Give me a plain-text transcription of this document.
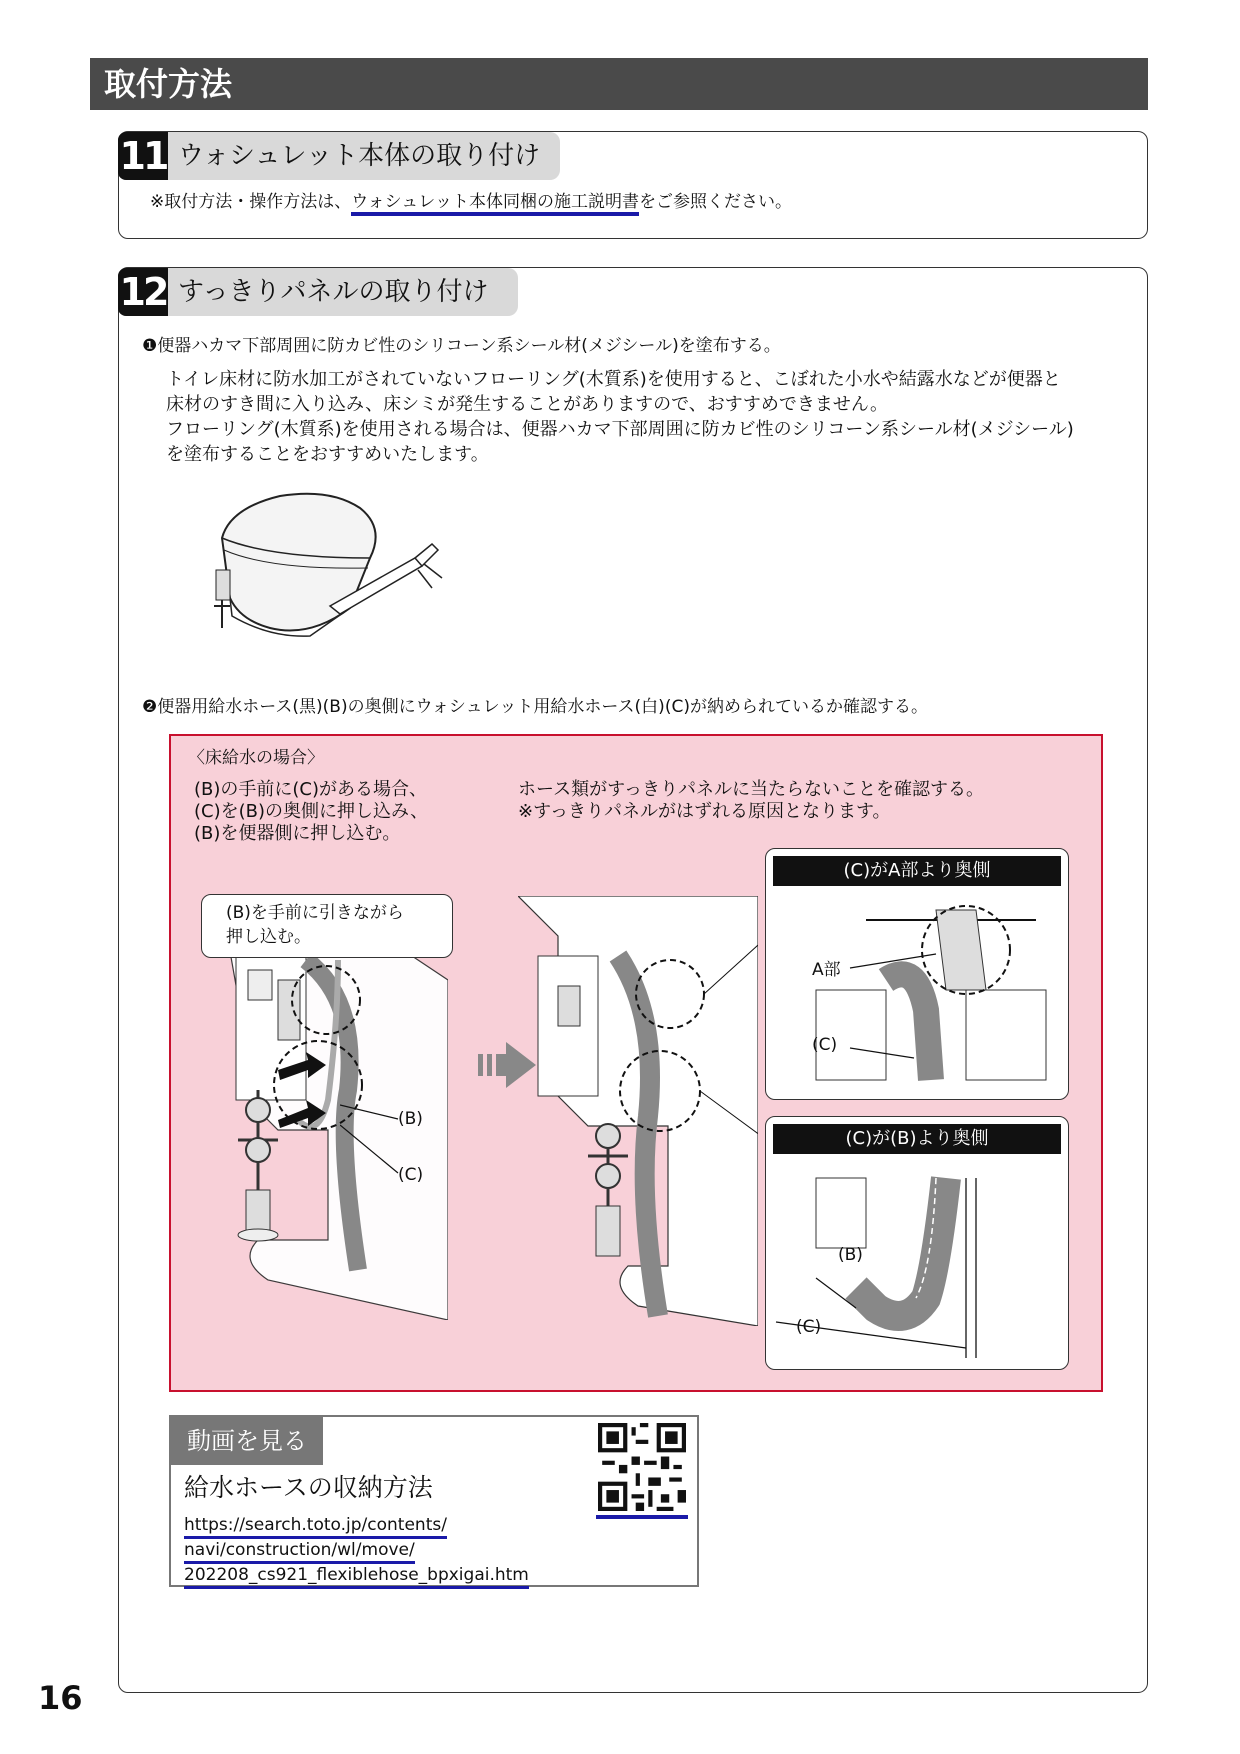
取付方法
11 ウォシュレット本体の取り付け
※取付方法・操作方法は、ウォシュレット本体同梱の施工説明書をご参照ください。
12 すっきりパネルの取り付け
❶便器ハカマ下部周囲に防カビ性のシリコーン系シール材(メジシール)を塗布する。
トイレ床材に防水加工がされていないフローリング(木質系)を使用すると、こぼれた小水や結露水などが便器と
床材のすき間に入り込み、床シミが発生することがありますので、おすすめできません。
フローリング(木質系)を使用される場合は、便器ハカマ下部周囲に防カビ性のシリコーン系シール材(メジシール)
を塗布することをおすすめいたします。
❷便器用給水ホース(黒)(B)の奥側にウォシュレット用給水ホース(白)(C)が納められているか確認する。
〈床給水の場合〉
(B)の手前に(C)がある場合、
(C)を(B)の奥側に押し込み、
(B)を便器側に押し込む。
ホース類がすっきりパネルに当たらないことを確認する。
※すっきりパネルがはずれる原因となります。
(B)を手前に引きながら
押し込む。
(B)
(C)
(C)がA部より奥側
A部
(C)
(C)が(B)より奥側
(B)
(C)
動画を見る
給水ホースの収納方法
https://search.toto.jp/contents/
navi/construction/wl/move/
202208_cs921_flexiblehose_bpxigai.htm
16
